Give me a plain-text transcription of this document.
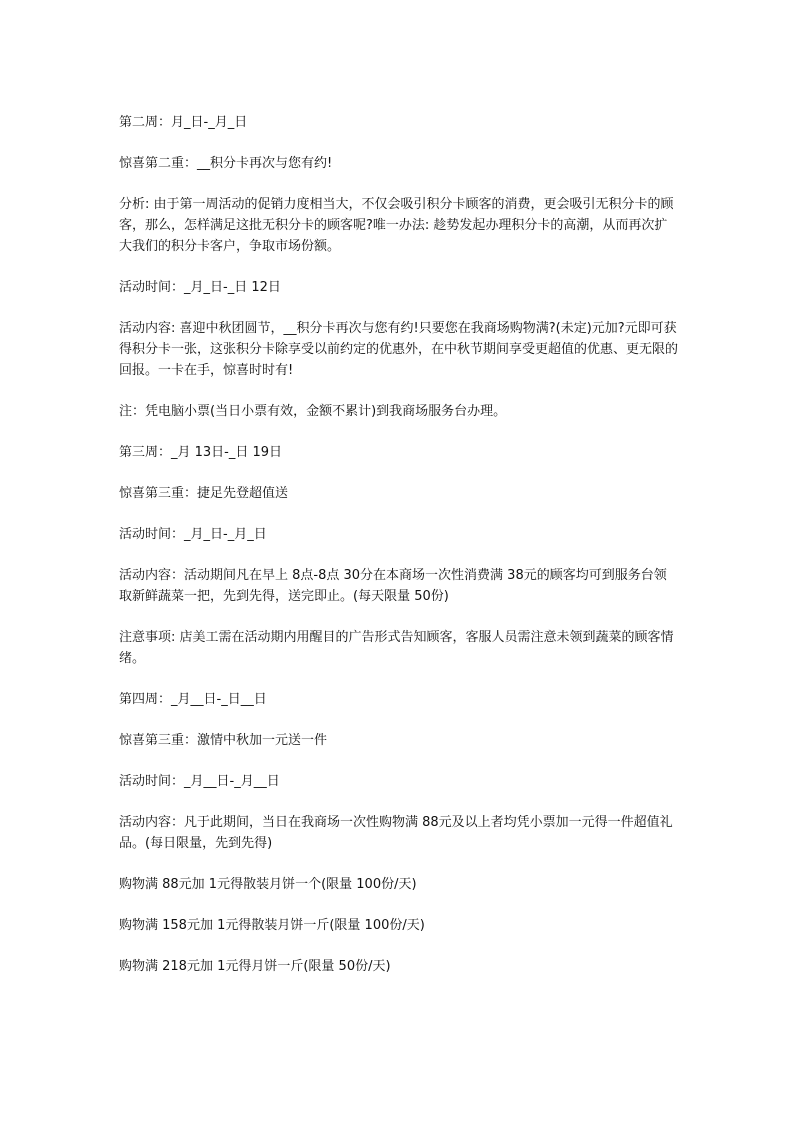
第二周：月_日-_月_日

惊喜第二重：__积分卡再次与您有约!

分析: 由于第一周活动的促销力度相当大，不仅会吸引积分卡顾客的消费，更会吸引无积分卡的顾客，那么，怎样满足这批无积分卡的顾客呢?唯一办法: 趁势发起办理积分卡的高潮，从而再次扩大我们的积分卡客户，争取市场份额。

活动时间：_月_日-_日 12日

活动内容: 喜迎中秋团圆节，__积分卡再次与您有约!只要您在我商场购物满?(未定)元加?元即可获得积分卡一张，这张积分卡除享受以前约定的优惠外，在中秋节期间享受更超值的优惠、更无限的回报。一卡在手，惊喜时时有!

注：凭电脑小票(当日小票有效，金额不累计)到我商场服务台办理。

第三周：_月 13日-_日 19日

惊喜第三重：捷足先登超值送

活动时间：_月_日-_月_日

活动内容：活动期间凡在早上 8点-8点 30分在本商场一次性消费满 38元的顾客均可到服务台领取新鲜蔬菜一把，先到先得，送完即止。(每天限量 50份)

注意事项: 店美工需在活动期内用醒目的广告形式告知顾客，客服人员需注意未领到蔬菜的顾客情绪。

第四周：_月__日-_日__日

惊喜第三重：激情中秋加一元送一件

活动时间：_月__日-_月__日

活动内容：凡于此期间，当日在我商场一次性购物满 88元及以上者均凭小票加一元得一件超值礼品。(每日限量，先到先得)

购物满 88元加 1元得散装月饼一个(限量 100份/天)

购物满 158元加 1元得散装月饼一斤(限量 100份/天)

购物满 218元加 1元得月饼一斤(限量 50份/天)
